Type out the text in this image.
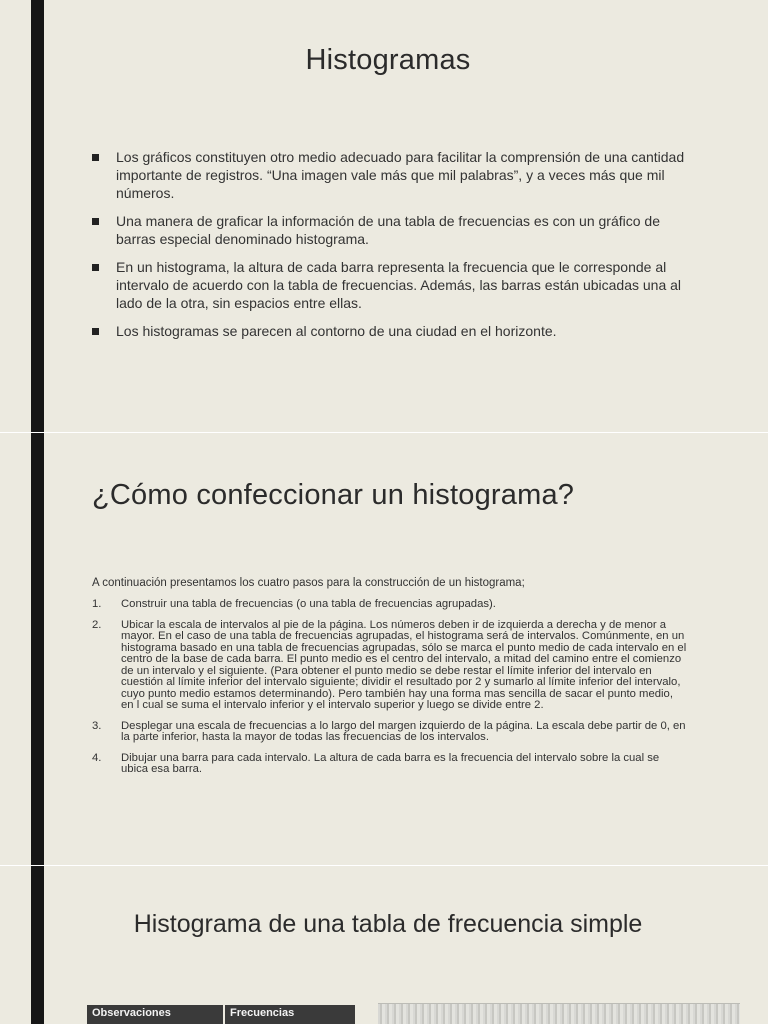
Histogramas
Los gráficos constituyen otro medio adecuado para facilitar la comprensión de una cantidad importante de registros. “Una imagen vale más que mil palabras”, y a veces más que mil números.
Una manera de graficar la información de una tabla de frecuencias es con un gráfico de barras especial denominado histograma.
En un histograma, la altura de cada barra representa la frecuencia que le corresponde al intervalo de acuerdo con la tabla de frecuencias. Además, las barras están ubicadas una al lado de la otra, sin espacios entre ellas.
Los histogramas se parecen al contorno de una ciudad en el horizonte.
¿Cómo confeccionar un histograma?
A continuación presentamos los cuatro pasos para la construcción de un histograma;
1. Construir una tabla de frecuencias (o una tabla de frecuencias agrupadas).
2. Ubicar la escala de intervalos al pie de la página. Los números deben ir de izquierda a derecha y de menor a mayor. En el caso de una tabla de frecuencias agrupadas, el histograma será de intervalos. Comúnmente, en un histograma basado en una tabla de frecuencias agrupadas, sólo se marca el punto medio de cada intervalo en el centro de la base de cada barra. El punto medio es el centro del intervalo, a mitad del camino entre el comienzo de un intervalo y el siguiente. (Para obtener el punto medio se debe restar el límite inferior del intervalo en cuestión al límite inferior del intervalo siguiente; dividir el resultado por 2 y sumarlo al límite inferior del intervalo, cuyo punto medio estamos determinando). Pero también hay una forma mas sencilla de sacar el punto medio, en l cual se suma el intervalo inferior y el intervalo superior y luego se divide entre 2.
3. Desplegar una escala de frecuencias a lo largo del margen izquierdo de la página. La escala debe partir de 0, en la parte inferior, hasta la mayor de todas las frecuencias de los intervalos.
4. Dibujar una barra para cada intervalo. La altura de cada barra es la frecuencia del intervalo sobre la cual se ubica esa barra.
Histograma de una tabla de frecuencia simple
Observaciones	Frecuencias
